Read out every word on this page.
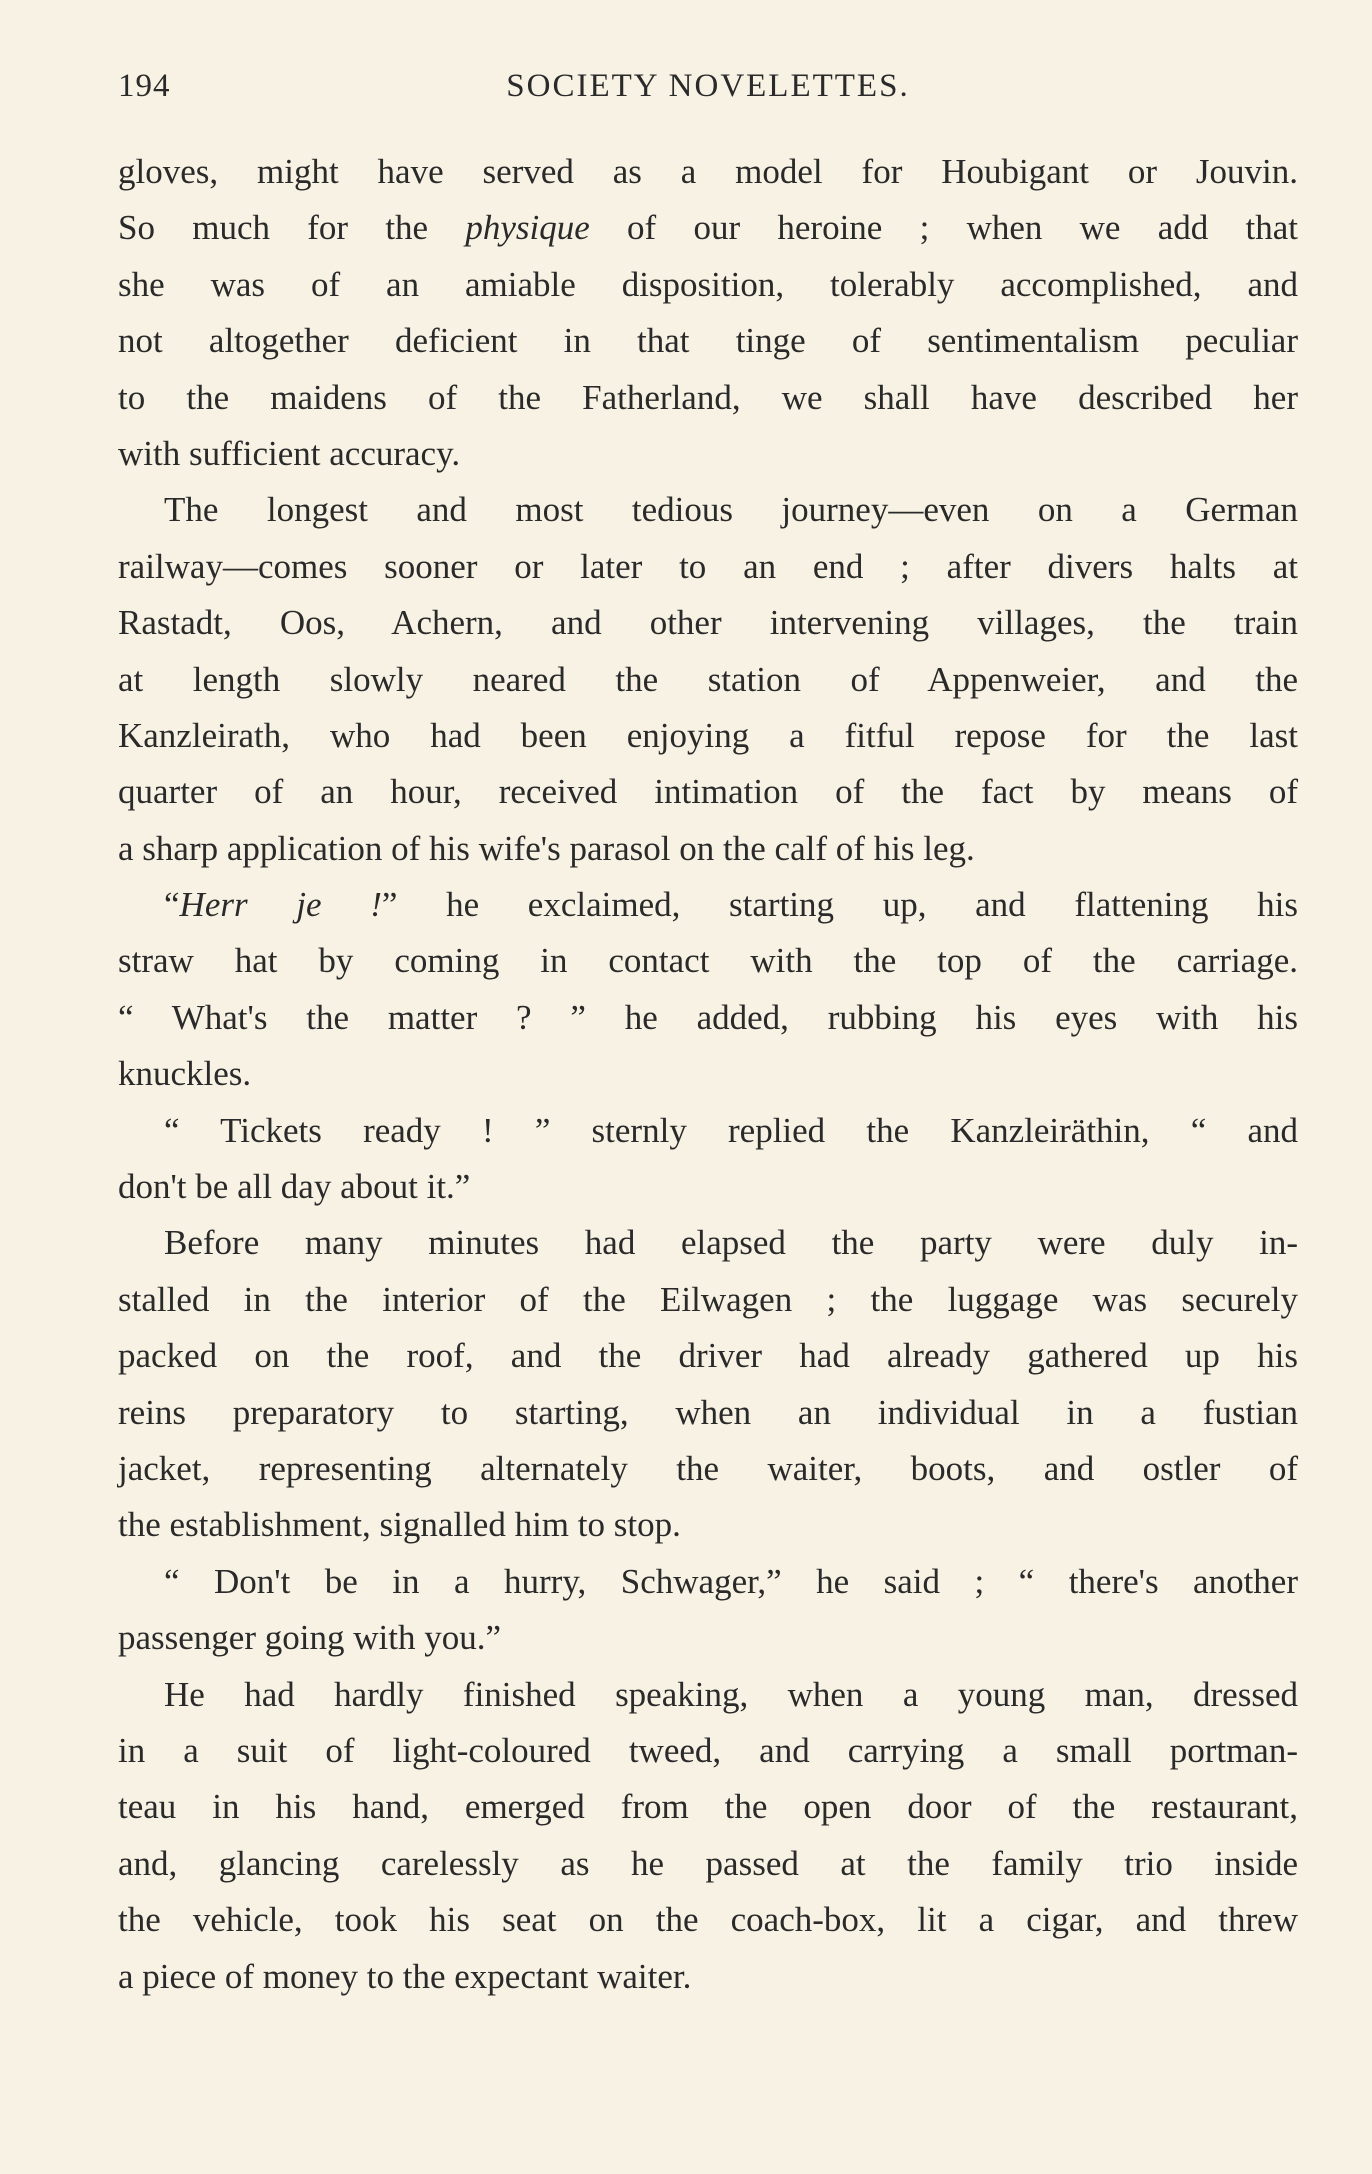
194	SOCIETY NOVELETTES.
gloves, might have served as a model for Houbigant or Jouvin.
So much for the physique of our heroine ; when we add that
she was of an amiable disposition, tolerably accomplished, and
not altogether deficient in that tinge of sentimentalism peculiar
to the maidens of the Fatherland, we shall have described her
with sufficient accuracy.
The longest and most tedious journey—even on a German
railway—comes sooner or later to an end ; after divers halts at
Rastadt, Oos, Achern, and other intervening villages, the train
at length slowly neared the station of Appenweier, and the
Kanzleirath, who had been enjoying a fitful repose for the last
quarter of an hour, received intimation of the fact by means of
a sharp application of his wife's parasol on the calf of his leg.
“Herr je !” he exclaimed, starting up, and flattening his
straw hat by coming in contact with the top of the carriage.
“ What's the matter ? ” he added, rubbing his eyes with his
knuckles.
“ Tickets ready ! ” sternly replied the Kanzleiräthin, “ and
don't be all day about it.”
Before many minutes had elapsed the party were duly in-
stalled in the interior of the Eilwagen ; the luggage was securely
packed on the roof, and the driver had already gathered up his
reins preparatory to starting, when an individual in a fustian
jacket, representing alternately the waiter, boots, and ostler of
the establishment, signalled him to stop.
“ Don't be in a hurry, Schwager,” he said ; “ there's another
passenger going with you.”
He had hardly finished speaking, when a young man, dressed
in a suit of light-coloured tweed, and carrying a small portman-
teau in his hand, emerged from the open door of the restaurant,
and, glancing carelessly as he passed at the family trio inside
the vehicle, took his seat on the coach-box, lit a cigar, and threw
a piece of money to the expectant waiter.
